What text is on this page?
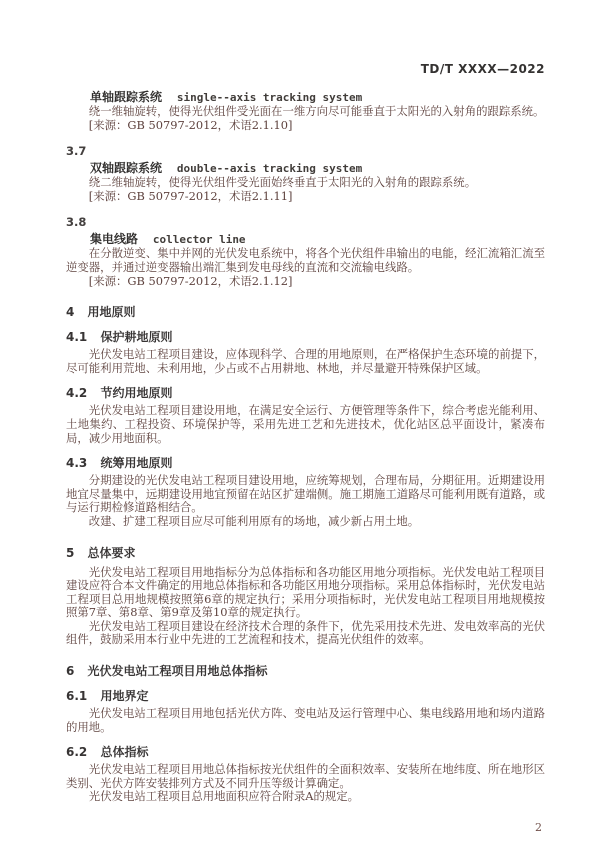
TD/T XXXX—2022

单轴跟踪系统 single--axis tracking system

绕一维轴旋转，使得光伏组件受光面在一维方向尽可能垂直于太阳光的入射角的跟踪系统。

[来源：GB 50797-2012，术语2.1.10]

3.7

双轴跟踪系统 double--axis tracking system

绕二维轴旋转，使得光伏组件受光面始终垂直于太阳光的入射角的跟踪系统。

[来源：GB 50797-2012，术语2.1.11]

3.8

集电线路 collector line

在分散逆变、集中并网的光伏发电系统中，将各个光伏组件串输出的电能，经汇流箱汇流至逆变器，并通过逆变器输出端汇集到发电母线的直流和交流输电线路。

[来源：GB 50797-2012，术语2.1.12]

4 用地原则
4.1 保护耕地原则

光伏发电站工程项目建设，应体现科学、合理的用地原则，在严格保护生态环境的前提下，尽可能利用荒地、未利用地，少占或不占用耕地、林地，并尽量避开特殊保护区域。

4.2 节约用地原则

光伏发电站工程项目建设用地，在满足安全运行、方便管理等条件下，综合考虑光能利用、土地集约、工程投资、环境保护等，采用先进工艺和先进技术，优化站区总平面设计，紧凑布局，减少用地面积。

4.3 统筹用地原则

分期建设的光伏发电站工程项目建设用地，应统筹规划，合理布局，分期征用。近期建设用地宜尽量集中，远期建设用地宜预留在站区扩建端侧。施工期施工道路尽可能利用既有道路，或与运行期检修道路相结合。

改建、扩建工程项目应尽可能利用原有的场地，减少新占用土地。

5 总体要求

光伏发电站工程项目用地指标分为总体指标和各功能区用地分项指标。光伏发电站工程项目建设应符合本文件确定的用地总体指标和各功能区用地分项指标。采用总体指标时，光伏发电站工程项目总用地规模按照第6章的规定执行；采用分项指标时，光伏发电站工程项目用地规模按照第7章、第8章、第9章及第10章的规定执行。

光伏发电站工程项目建设在经济技术合理的条件下，优先采用技术先进、发电效率高的光伏组件，鼓励采用本行业中先进的工艺流程和技术，提高光伏组件的效率。

6 光伏发电站工程项目用地总体指标
6.1 用地界定

光伏发电站工程项目用地包括光伏方阵、变电站及运行管理中心、集电线路用地和场内道路的用地。

6.2 总体指标

光伏发电站工程项目用地总体指标按光伏组件的全面积效率、安装所在地纬度、所在地形区类别、光伏方阵安装排列方式及不同升压等级计算确定。

光伏发电站工程项目总用地面积应符合附录A的规定。

2
